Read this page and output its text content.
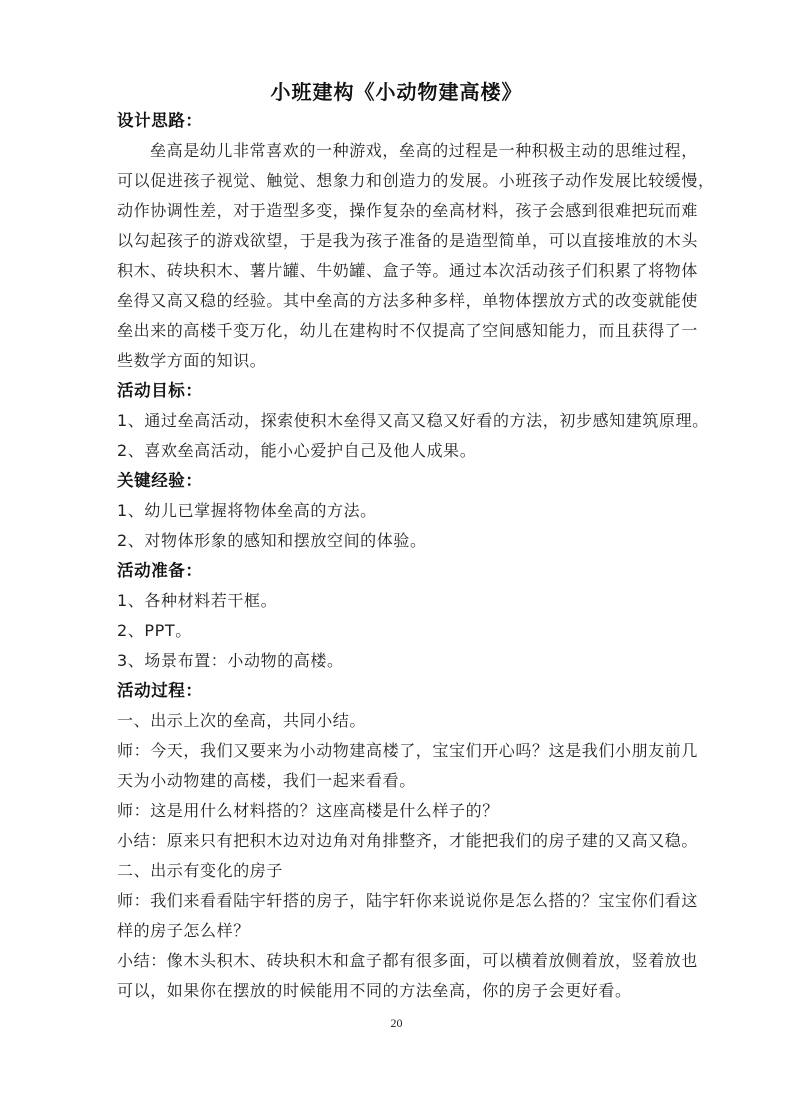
小班建构《小动物建高楼》
设计思路：
垒高是幼儿非常喜欢的一种游戏，垒高的过程是一种积极主动的思维过程，
可以促进孩子视觉、触觉、想象力和创造力的发展。小班孩子动作发展比较缓慢，
动作协调性差，对于造型多变，操作复杂的垒高材料，孩子会感到很难把玩而难
以勾起孩子的游戏欲望，于是我为孩子准备的是造型简单，可以直接堆放的木头
积木、砖块积木、薯片罐、牛奶罐、盒子等。通过本次活动孩子们积累了将物体
垒得又高又稳的经验。其中垒高的方法多种多样，单物体摆放方式的改变就能使
垒出来的高楼千变万化，幼儿在建构时不仅提高了空间感知能力，而且获得了一
些数学方面的知识。
活动目标：
1、通过垒高活动，探索使积木垒得又高又稳又好看的方法，初步感知建筑原理。
2、喜欢垒高活动，能小心爱护自己及他人成果。
关键经验：
1、幼儿已掌握将物体垒高的方法。
2、对物体形象的感知和摆放空间的体验。
活动准备：
1、各种材料若干框。
2、PPT。
3、场景布置：小动物的高楼。
活动过程：
一、出示上次的垒高，共同小结。
师：今天，我们又要来为小动物建高楼了，宝宝们开心吗？这是我们小朋友前几
天为小动物建的高楼，我们一起来看看。
师：这是用什么材料搭的？这座高楼是什么样子的？
小结：原来只有把积木边对边角对角排整齐，才能把我们的房子建的又高又稳。
二、出示有变化的房子
师：我们来看看陆宇轩搭的房子，陆宇轩你来说说你是怎么搭的？宝宝你们看这
样的房子怎么样？
小结：像木头积木、砖块积木和盒子都有很多面，可以横着放侧着放，竖着放也
可以，如果你在摆放的时候能用不同的方法垒高，你的房子会更好看。
20
